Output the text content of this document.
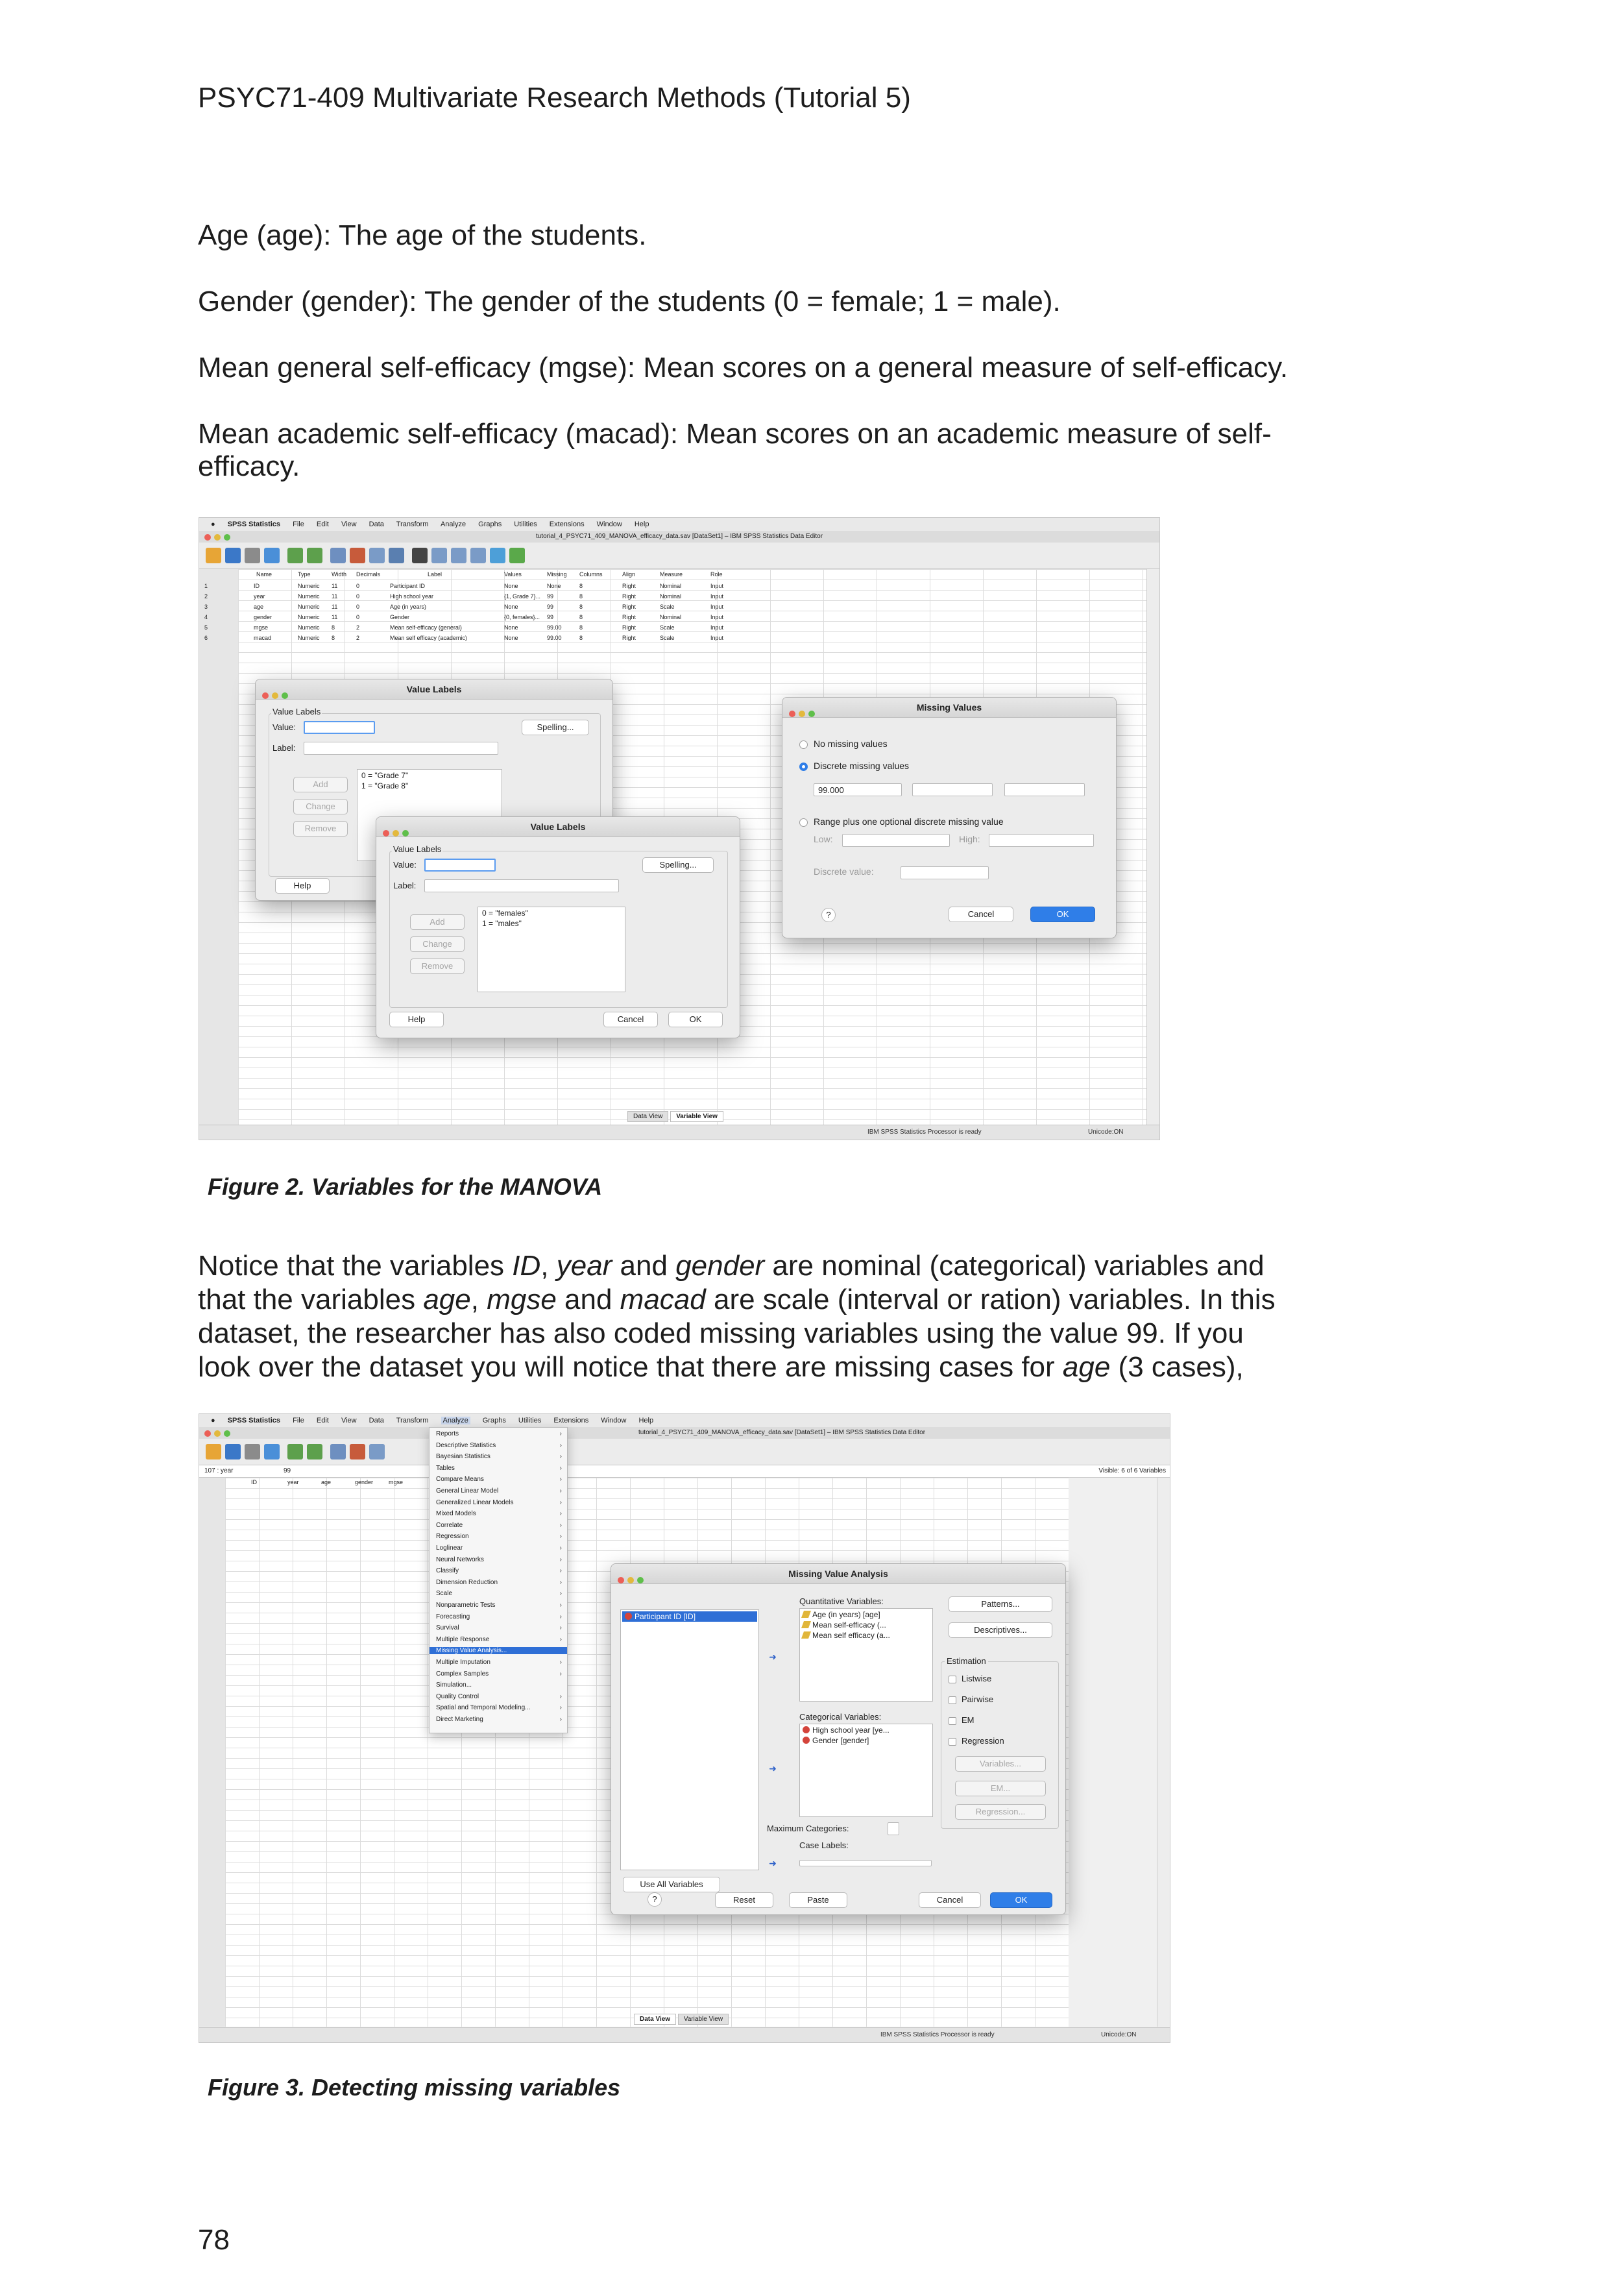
PSYC71-409 Multivariate Research Methods (Tutorial 5)
Age (age): The age of the students.
Gender (gender): The gender of the students (0 = female; 1 = male).
Mean general self-efficacy (mgse): Mean scores on a general measure of self-efficacy.
Mean academic self-efficacy (macad): Mean scores on an academic measure of self-
efficacy.
● SPSS Statistics File Edit View Data Transform Analyze Graphs Utilities Extensions Window Help
tutorial_4_PSYC71_409_MANOVA_efficacy_data.sav [DataSet1] – IBM SPSS Statistics Data Editor
Name	Type	Width Decimals	Label	Values	Missing Columns	Align	Measure	Role
1	ID	Numeric 11	0	Participant ID	None	None	8	Right	Nominal	Input
2	year	Numeric 11	0	High school year	{1, Grade 7}... 99	8	Right	Nominal	Input
3	age	Numeric 11	0	Age (in years)	None	99	8	Right	Scale	Input
4	gender	Numeric 11	0	Gender	{0, females}... 99	8	Right	Nominal	Input
5	mgse	Numeric 8	2	Mean self-efficacy (general)	None	99.00	8	Right	Scale	Input
6	macad	Numeric 8	2	Mean self efficacy (academic)	None	99.00	8	Right	Scale	Input
Value Labels
Value Labels
Value:	Spelling...
Label:
Add
Change
Remove
0 = "Grade 7"
1 = "Grade 8"
Help
Value Labels
Value Labels
Value:	Spelling...
Label:
Add
Change
Remove
0 = "females"
1 = "males"
Help	Cancel	OK
Missing Values
No missing values
Discrete missing values
99.000
Range plus one optional discrete missing value
Low:	High:
Discrete value:
?	Cancel	OK
Data View Variable View
IBM SPSS Statistics Processor is ready	Unicode:ON
Figure 2. Variables for the MANOVA
Notice that the variables ID, year and gender are nominal (categorical) variables and
that the variables age, mgse and macad are scale (interval or ration) variables. In this
dataset, the researcher has also coded missing variables using the value 99. If you
look over the dataset you will notice that there are missing cases for age (3 cases),
● SPSS Statistics File Edit View Data Transform Analyze Graphs Utilities Extensions Window Help
tutorial_4_PSYC71_409_MANOVA_efficacy_data.sav [DataSet1] – IBM SPSS Statistics Data Editor
107 : year	99	Visible: 6 of 6 Variables
ID	year	age	gender	mgse
Reports	›
Descriptive Statistics	›
Bayesian Statistics	›
Tables	›
Compare Means	›
General Linear Model	›
Generalized Linear Models	›
Mixed Models	›
Correlate	›
Regression	›
Loglinear	›
Neural Networks	›
Classify	›
Dimension Reduction	›
Scale	›
Nonparametric Tests	›
Forecasting	›
Survival	›
Multiple Response	›
Missing Value Analysis...
Multiple Imputation	›
Complex Samples	›
Simulation...
Quality Control	›
Spatial and Temporal Modeling...	›
Direct Marketing	›
Missing Value Analysis
Participant ID [ID]
➜
Quantitative Variables:
Age (in years) [age]
Mean self-efficacy (...
Mean self efficacy (a...
➜
Categorical Variables:
High school year [ye...
Gender [gender]
Maximum Categories:
Case Labels:
➜
Patterns...
Descriptives...
Estimation
Listwise
Pairwise
EM
Regression
Variables...
EM...
Regression...
Use All Variables
?	Reset	Paste	Cancel	OK
Data View Variable View
IBM SPSS Statistics Processor is ready	Unicode:ON
Figure 3. Detecting missing variables
78
